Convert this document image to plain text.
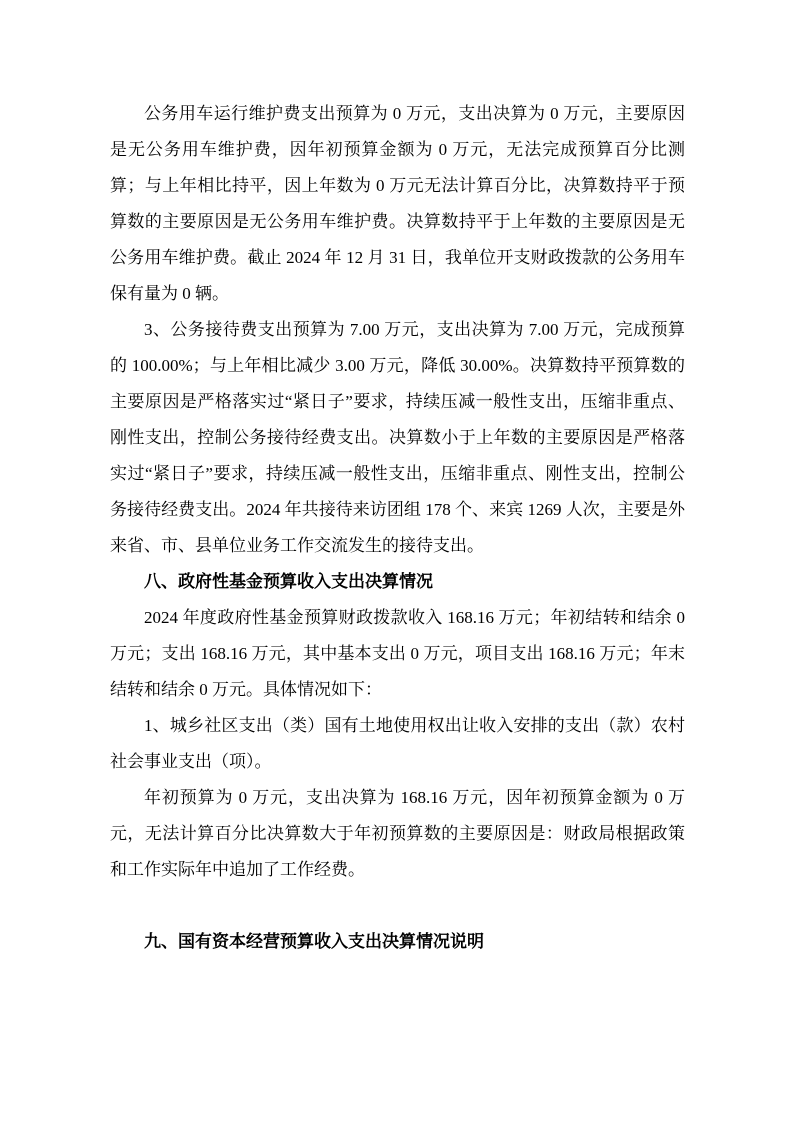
公务用车运行维护费支出预算为 0 万元，支出决算为 0 万元，主要原因是无公务用车维护费，因年初预算金额为 0 万元，无法完成预算百分比测算；与上年相比持平，因上年数为 0 万元无法计算百分比，决算数持平于预算数的主要原因是无公务用车维护费。决算数持平于上年数的主要原因是无公务用车维护费。截止 2024 年 12 月 31 日，我单位开支财政拨款的公务用车保有量为 0 辆。

3、公务接待费支出预算为 7.00 万元，支出决算为 7.00 万元，完成预算的 100.00%；与上年相比减少 3.00 万元，降低 30.00%。决算数持平预算数的主要原因是严格落实过“紧日子”要求，持续压减一般性支出，压缩非重点、刚性支出，控制公务接待经费支出。决算数小于上年数的主要原因是严格落实过“紧日子”要求，持续压减一般性支出，压缩非重点、刚性支出，控制公务接待经费支出。2024 年共接待来访团组 178 个、来宾 1269 人次，主要是外来省、市、县单位业务工作交流发生的接待支出。

八、政府性基金预算收入支出决算情况

2024 年度政府性基金预算财政拨款收入 168.16 万元；年初结转和结余 0 万元；支出 168.16 万元，其中基本支出 0 万元，项目支出 168.16 万元；年末结转和结余 0 万元。具体情况如下：

1、城乡社区支出（类）国有土地使用权出让收入安排的支出（款）农村社会事业支出（项）。

年初预算为 0 万元，支出决算为 168.16 万元，因年初预算金额为 0 万元，无法计算百分比决算数大于年初预算数的主要原因是：财政局根据政策和工作实际年中追加了工作经费。

九、国有资本经营预算收入支出决算情况说明
